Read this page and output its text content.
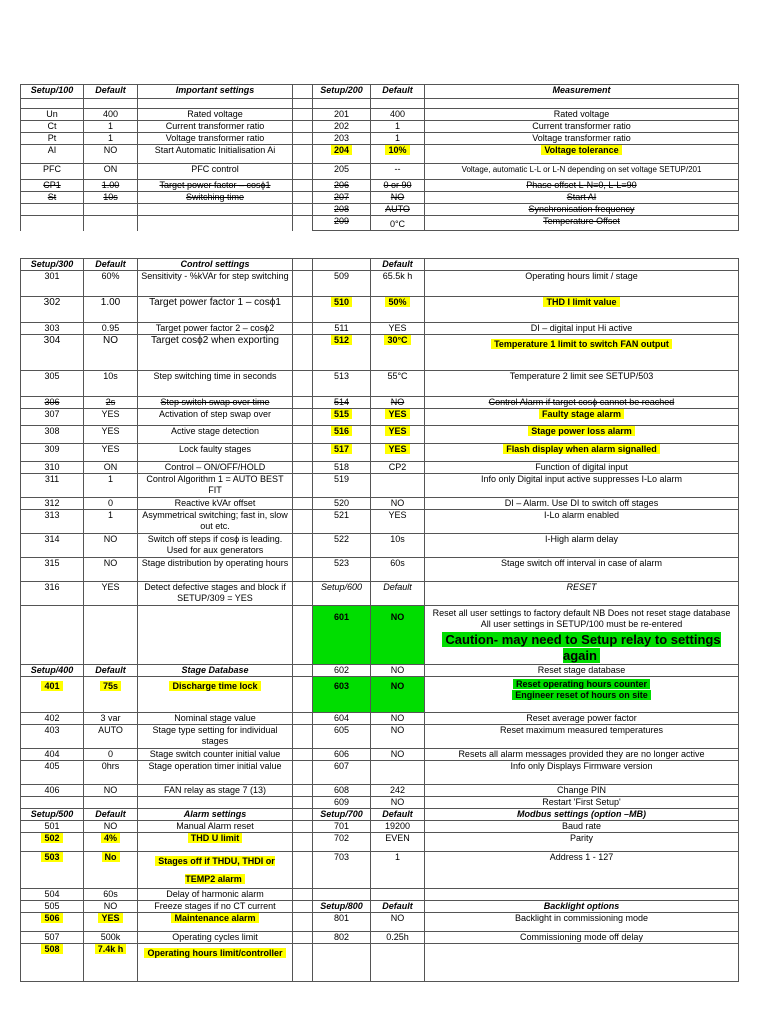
Setup/100	Default	Important settings		Setup/200	Default	Measurement

Un	400	Rated voltage		201	400	Rated voltage
Ct	1	Current transformer ratio		202	1	Current transformer ratio
Pt	1	Voltage transformer ratio		203	1	Voltage transformer ratio
AI	NO	Start Automatic Initialisation Ai		204	10%	Voltage tolerance
PFC	ON	PFC control		205	--	Voltage, automatic L-L or L-N depending on set voltage SETUP/201
CP1	1.00	Target power factor – cosϕ1		206	0 or 90	Phase offset L-N=0, L-L=90
St	10s	Switching time		207	NO	Start AI
				208	AUTO	Synchronisation frequency
				209	0°C	Temperature Offset
Setup/300	Default	Control settings			Default	
301	60%	Sensitivity - %kVAr for step switching		509	65.5k h	Operating hours limit / stage
302	1.00	Target power factor 1 – cosϕ1		510	50%	THD I limit value
303	0.95	Target power factor 2 – cosϕ2		511	YES	DI – digital input Hi active
304	NO	Target cosϕ2 when exporting		512	30°C	Temperature 1 limit to switch FAN output
305	10s	Step switching time in seconds		513	55°C	Temperature 2 limit see SETUP/503
306	2s	Step switch swap over time		514	NO	Control Alarm if target cosϕ cannot be reached
307	YES	Activation of step swap over		515	YES	Faulty stage alarm
308	YES	Active stage detection		516	YES	Stage power loss alarm
309	YES	Lock faulty stages		517	YES	Flash display when alarm signalled
310	ON	Control – ON/OFF/HOLD		518	CP2	Function of digital input
311	1	Control Algorithm 1 = AUTO BEST FIT		519		Info only Digital input active suppresses I-Lo alarm
312	0	Reactive kVAr offset		520	NO	DI – Alarm. Use DI to switch off stages
313	1	Asymmetrical switching; fast in, slow out etc.		521	YES	I-Lo alarm enabled
314	NO	Switch off steps if cosϕ is leading. Used for aux generators		522	10s	I-High alarm delay
315	NO	Stage distribution by operating hours		523	60s	Stage switch off interval in case of alarm
316	YES	Detect defective stages and block if SETUP/309 = YES		Setup/600	Default	RESET
				601	NO	Reset all user settings to factory default NB Does not reset stage database All user settings in SETUP/100 must be re-entered
Caution- may need to Setup relay to settings again

Setup/400	Default	Stage Database		602	NO	Reset stage database
401	75s	Discharge time lock		603	NO	Reset operating hours counter
Engineer reset of hours on site

402	3 var	Nominal stage value		604	NO	Reset average power factor
403	AUTO	Stage type setting for individual stages		605	NO	Reset maximum measured temperatures
404	0	Stage switch counter initial value		606	NO	Resets all alarm messages provided they are no longer active
405	0hrs	Stage operation timer initial value		607		Info only Displays Firmware version
406	NO	FAN relay as stage 7 (13)		608	242	Change PIN
				609	NO	Restart 'First Setup'
Setup/500	Default	Alarm settings		Setup/700	Default	Modbus settings (option –MB)
501	NO	Manual Alarm reset		701	19200	Baud rate
502	4%	THD U limit		702	EVEN	Parity
503	No	Stages off if THDU, THDI or TEMP2 alarm		703	1	Address 1 - 127
504	60s	Delay of harmonic alarm				
505	NO	Freeze stages if no CT current		Setup/800	Default	Backlight options
506	YES	Maintenance alarm		801	NO	Backlight in commissioning mode
507	500k	Operating cycles limit		802	0.25h	Commissioning mode off delay
508	7.4k h	Operating hours limit/controller				
